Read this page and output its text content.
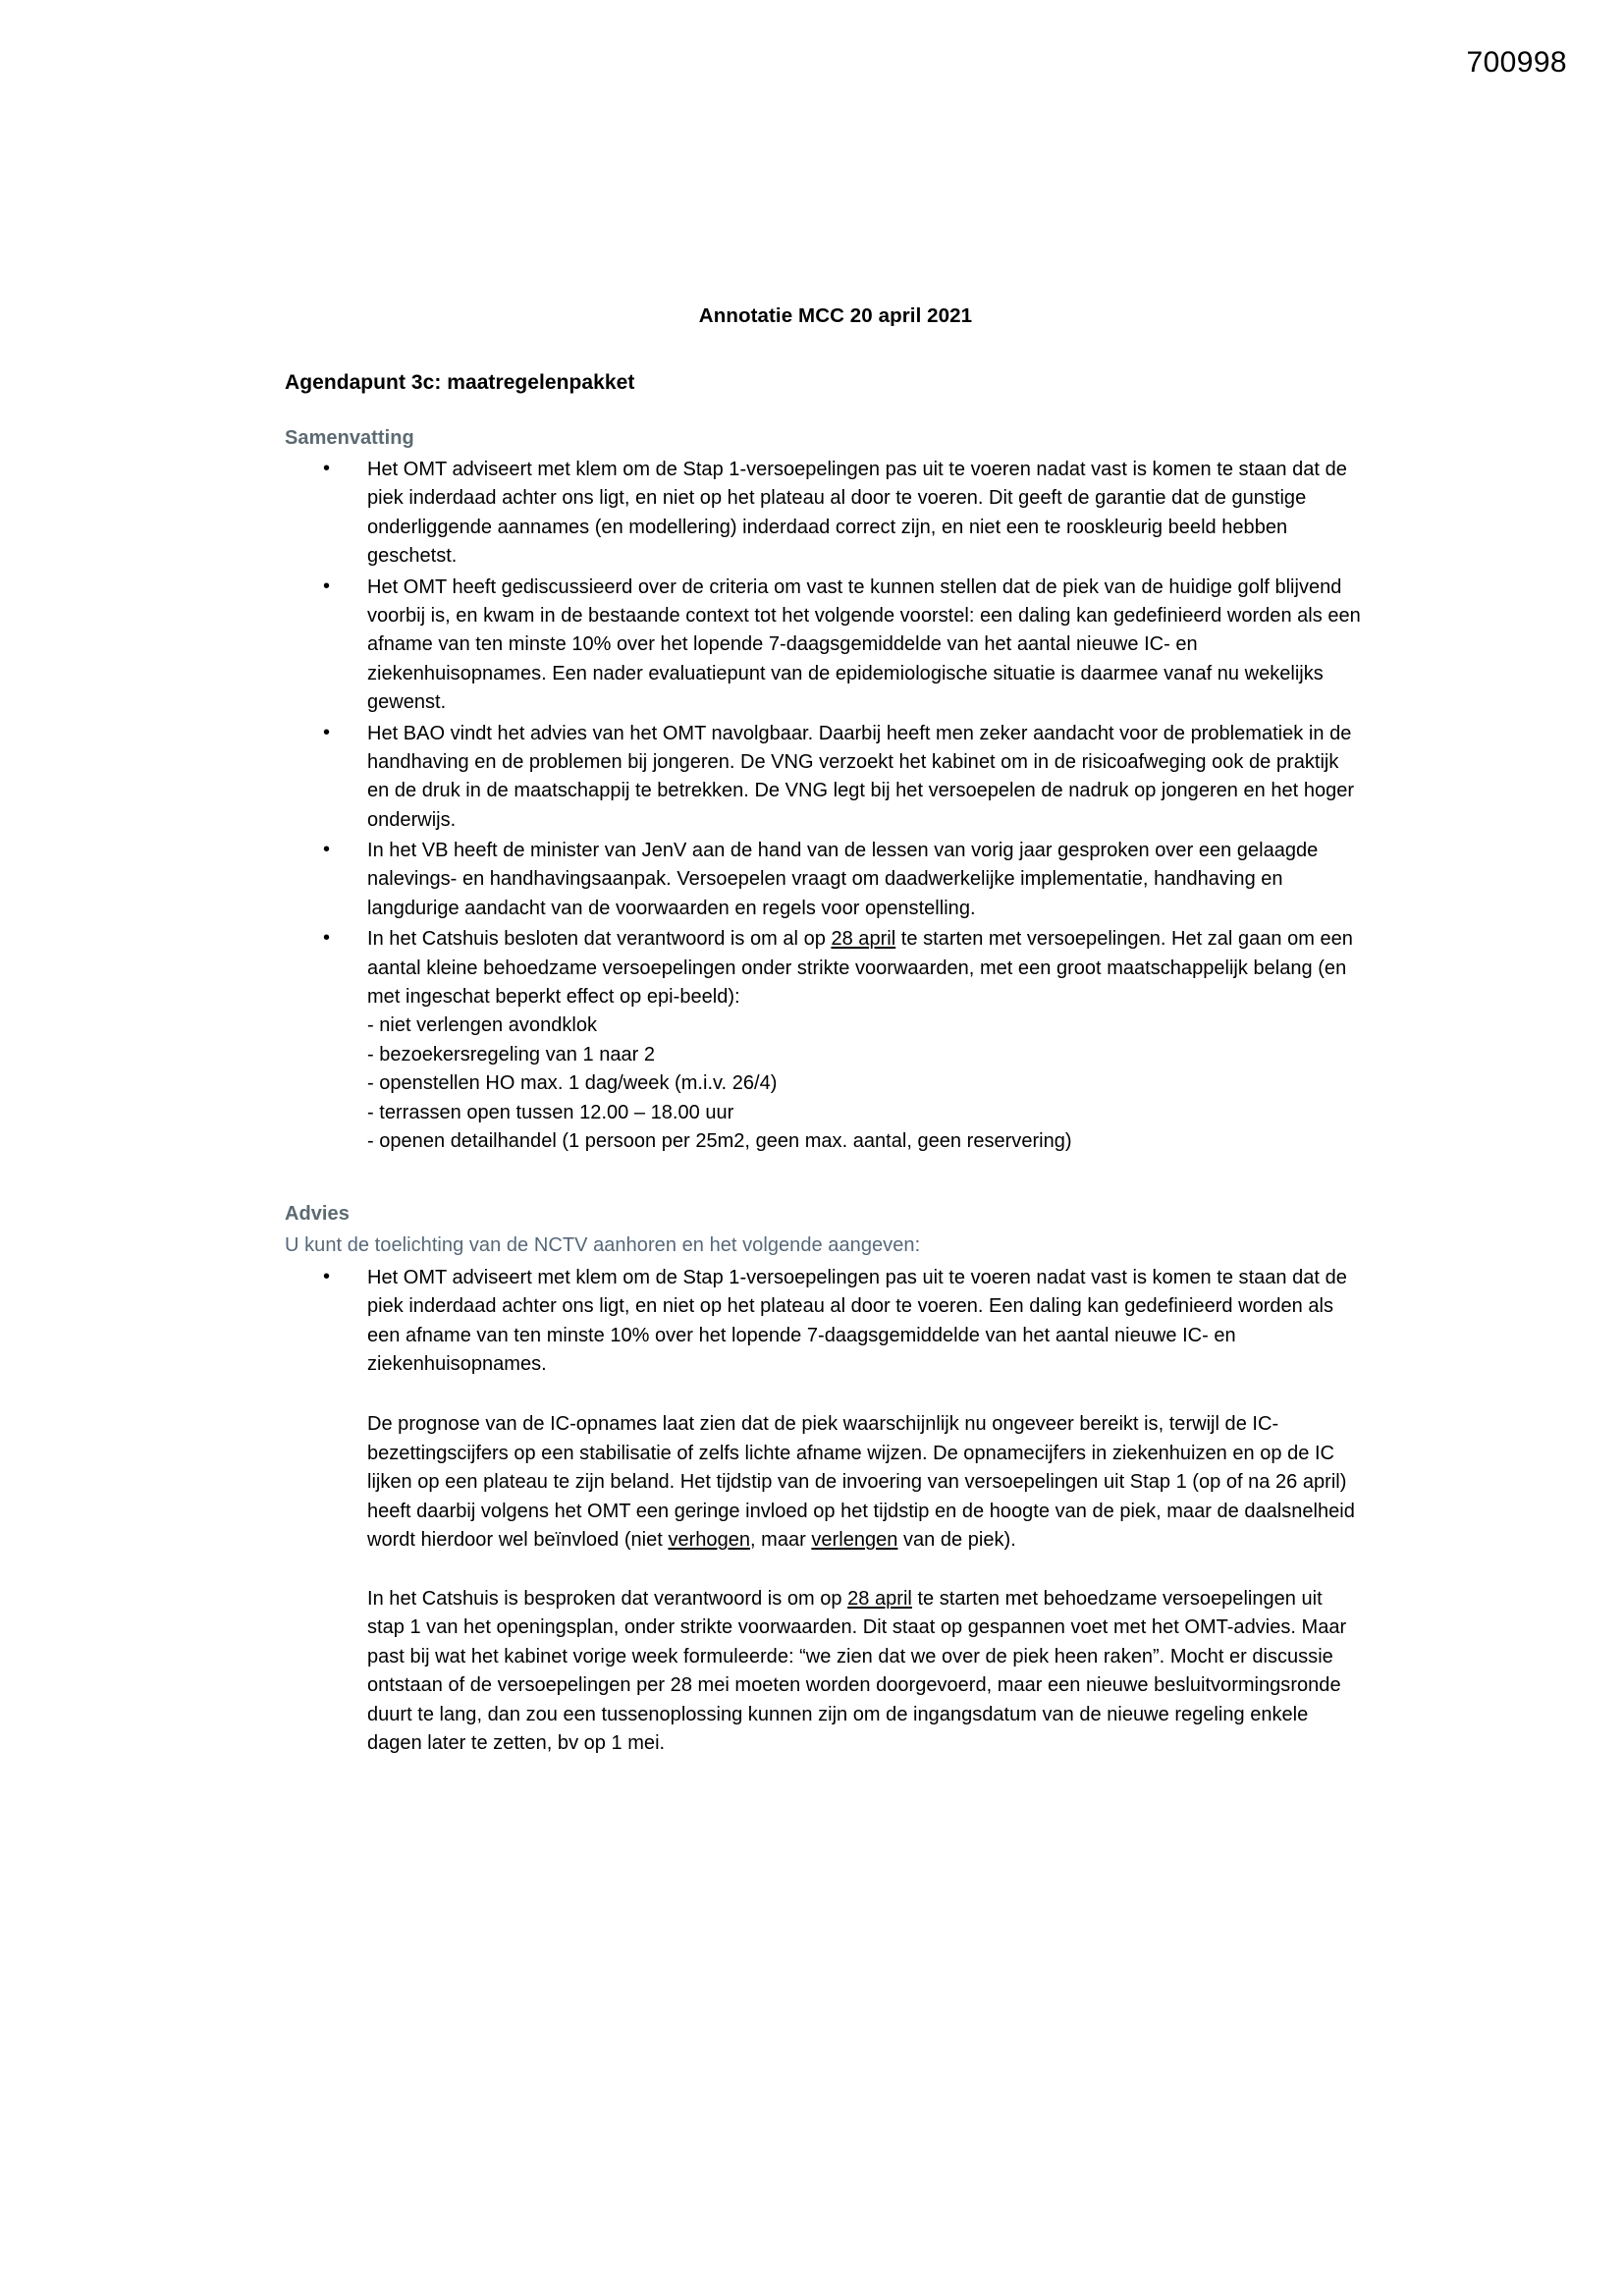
700998
Annotatie MCC 20 april 2021
Agendapunt 3c: maatregelenpakket
Samenvatting
• Het OMT adviseert met klem om de Stap 1-versoepelingen pas uit te voeren nadat vast is komen te staan dat de piek inderdaad achter ons ligt, en niet op het plateau al door te voeren. Dit geeft de garantie dat de gunstige onderliggende aannames (en modellering) inderdaad correct zijn, en niet een te rooskleurig beeld hebben geschetst.
• Het OMT heeft gediscussieerd over de criteria om vast te kunnen stellen dat de piek van de huidige golf blijvend voorbij is, en kwam in de bestaande context tot het volgende voorstel: een daling kan gedefinieerd worden als een afname van ten minste 10% over het lopende 7-daagsgemiddelde van het aantal nieuwe IC- en ziekenhuisopnames. Een nader evaluatiepunt van de epidemiologische situatie is daarmee vanaf nu wekelijks gewenst.
• Het BAO vindt het advies van het OMT navolgbaar. Daarbij heeft men zeker aandacht voor de problematiek in de handhaving en de problemen bij jongeren. De VNG verzoekt het kabinet om in de risicoafweging ook de praktijk en de druk in de maatschappij te betrekken. De VNG legt bij het versoepelen de nadruk op jongeren en het hoger onderwijs.
• In het VB heeft de minister van JenV aan de hand van de lessen van vorig jaar gesproken over een gelaagde nalevings- en handhavingsaanpak. Versoepelen vraagt om daadwerkelijke implementatie, handhaving en langdurige aandacht van de voorwaarden en regels voor openstelling.
• In het Catshuis besloten dat verantwoord is om al op 28 april te starten met versoepelingen. Het zal gaan om een aantal kleine behoedzame versoepelingen onder strikte voorwaarden, met een groot maatschappelijk belang (en met ingeschat beperkt effect op epi-beeld):
- niet verlengen avondklok
- bezoekersregeling van 1 naar 2
- openstellen HO max. 1 dag/week (m.i.v. 26/4)
- terrassen open tussen 12.00 – 18.00 uur
- openen detailhandel (1 persoon per 25m2, geen max. aantal, geen reservering)
Advies
U kunt de toelichting van de NCTV aanhoren en het volgende aangeven:
• Het OMT adviseert met klem om de Stap 1-versoepelingen pas uit te voeren nadat vast is komen te staan dat de piek inderdaad achter ons ligt, en niet op het plateau al door te voeren. Een daling kan gedefinieerd worden als een afname van ten minste 10% over het lopende 7-daagsgemiddelde van het aantal nieuwe IC- en ziekenhuisopnames.

De prognose van de IC-opnames laat zien dat de piek waarschijnlijk nu ongeveer bereikt is, terwijl de IC-bezettingscijfers op een stabilisatie of zelfs lichte afname wijzen. De opnamecijfers in ziekenhuizen en op de IC lijken op een plateau te zijn beland. Het tijdstip van de invoering van versoepelingen uit Stap 1 (op of na 26 april) heeft daarbij volgens het OMT een geringe invloed op het tijdstip en de hoogte van de piek, maar de daalsnelheid wordt hierdoor wel beïnvloed (niet verhogen, maar verlengen van de piek).

In het Catshuis is besproken dat verantwoord is om op 28 april te starten met behoedzame versoepelingen uit stap 1 van het openingsplan, onder strikte voorwaarden. Dit staat op gespannen voet met het OMT-advies. Maar past bij wat het kabinet vorige week formuleerde: “we zien dat we over de piek heen raken”. Mocht er discussie ontstaan of de versoepelingen per 28 mei moeten worden doorgevoerd, maar een nieuwe besluitvormingsronde duurt te lang, dan zou een tussenoplossing kunnen zijn om de ingangsdatum van de nieuwe regeling enkele dagen later te zetten, bv op 1 mei.
